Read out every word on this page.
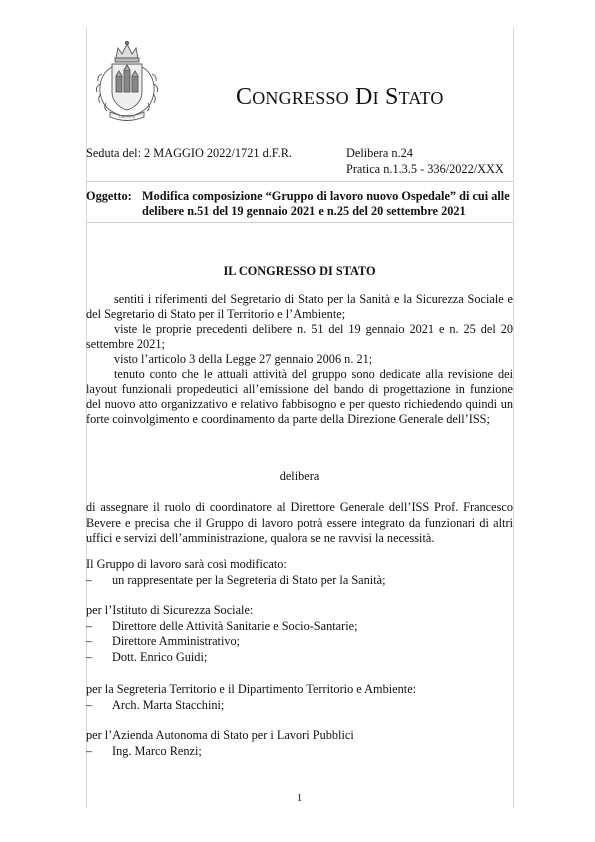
LIBERTAS
CONGRESSO DI STATO
Seduta del: 2 MAGGIO 2022/1721 d.F.R.	Delibera n.24
Pratica n.1.3.5 - 336/2022/XXX
Oggetto: Modifica composizione “Gruppo di lavoro nuovo Ospedale” di cui alle delibere n.51 del 19 gennaio 2021 e n.25 del 20 settembre 2021
IL CONGRESSO DI STATO

sentiti i riferimenti del Segretario di Stato per la Sanità e la Sicurezza Sociale e del Segretario di Stato per il Territorio e l’Ambiente;

viste le proprie precedenti delibere n. 51 del 19 gennaio 2021 e n. 25 del 20 settembre 2021;

visto l’articolo 3 della Legge 27 gennaio 2006 n. 21;

tenuto conto che le attuali attività del gruppo sono dedicate alla revisione dei layout funzionali propedeutici all’emissione del bando di progettazione in funzione del nuovo atto organizzativo e relativo fabbisogno e per questo richiedendo quindi un forte coinvolgimento e coordinamento da parte della Direzione Generale dell’ISS;

delibera

di assegnare il ruolo di coordinatore al Direttore Generale dell’ISS Prof. Francesco Bevere e precisa che il Gruppo di lavoro potrà essere integrato da funzionari di altri uffici e servizi dell’amministrazione, qualora se ne ravvisi la necessità.

Il Gruppo di lavoro sarà così modificato:
– un rappresentate per la Segreteria di Stato per la Sanità;
per l’Istituto di Sicurezza Sociale:
– Direttore delle Attività Sanitarie e Socio-Santarie;
– Direttore Amministrativo;
– Dott. Enrico Guidi;
per la Segreteria Territorio e il Dipartimento Territorio e Ambiente:
– Arch. Marta Stacchini;
per l’Azienda Autonoma di Stato per i Lavori Pubblici
– Ing. Marco Renzi;
1
